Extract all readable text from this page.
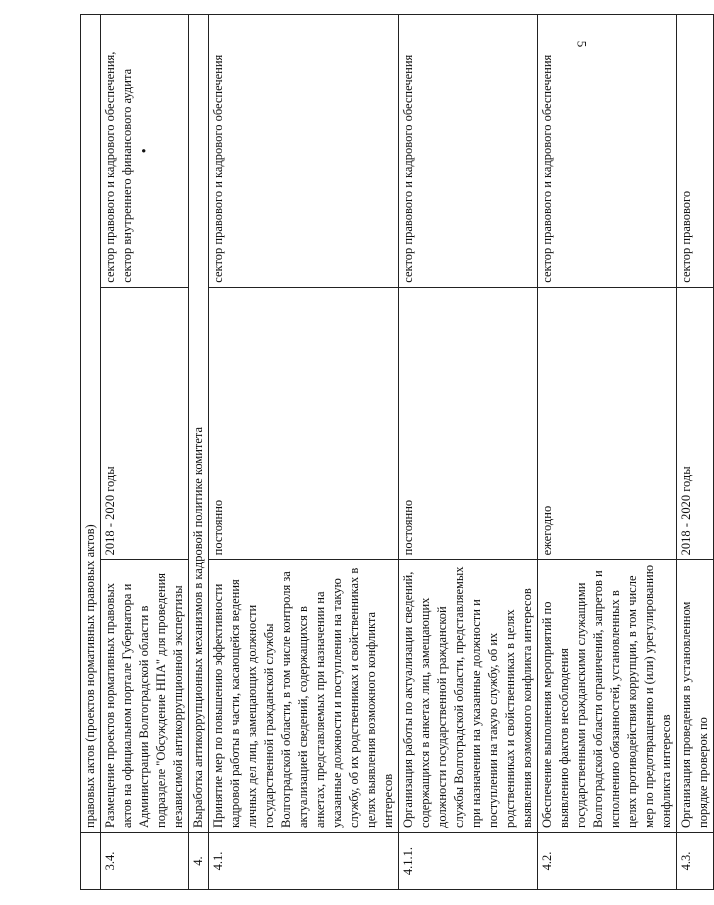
5
	правовых актов (проектов нормативных правовых актов)		
3.4.	Размещение проектов нормативных правовых актов на официальном портале Губернатора и Администрации Волгоградской области в подразделе "Обсуждение НПА" для проведения независимой антикоррупционной экспертизы	2018 - 2020 годы	сектор правового и кадрового обеспечения, сектор внутреннего финансового аудита •

4.	Выработка антикоррупционных механизмов в кадровой политике комитета		
4.1.	Принятие мер по повышению эффективности кадровой работы в части, касающейся ведения личных дел лиц, замещающих должности государственной гражданской службы Волгоградской области, в том числе контроля за актуализацией сведений, содержащихся в анкетах, представляемых при назначении на указанные должности и поступлении на такую службу, об их родственниках и свойственниках в целях выявления возможного конфликта интересов	постоянно	сектор правового и кадрового обеспечения
4.1.1.	Организация работы по актуализации сведений, содержащихся в анкетах лиц, замещающих должности государственной гражданской службы Волгоградской области, представляемых при назначении на указанные должности и поступлении на такую службу, об их родственниках и свойственниках в целях выявления возможного конфликта интересов	постоянно	сектор правового и кадрового обеспечения
4.2.	Обеспечение выполнения мероприятий по выявлению фактов несоблюдения государственными гражданскими служащими Волгоградской области ограничений, запретов и исполнению обязанностей, установленных в целях противодействия коррупции, в том числе мер по предотвращению и (или) урегулированию конфликта интересов	ежегодно	сектор правового и кадрового обеспечения
4.3.	Организация проведения в установленном порядке проверок по	2018 - 2020 годы	сектор правового
